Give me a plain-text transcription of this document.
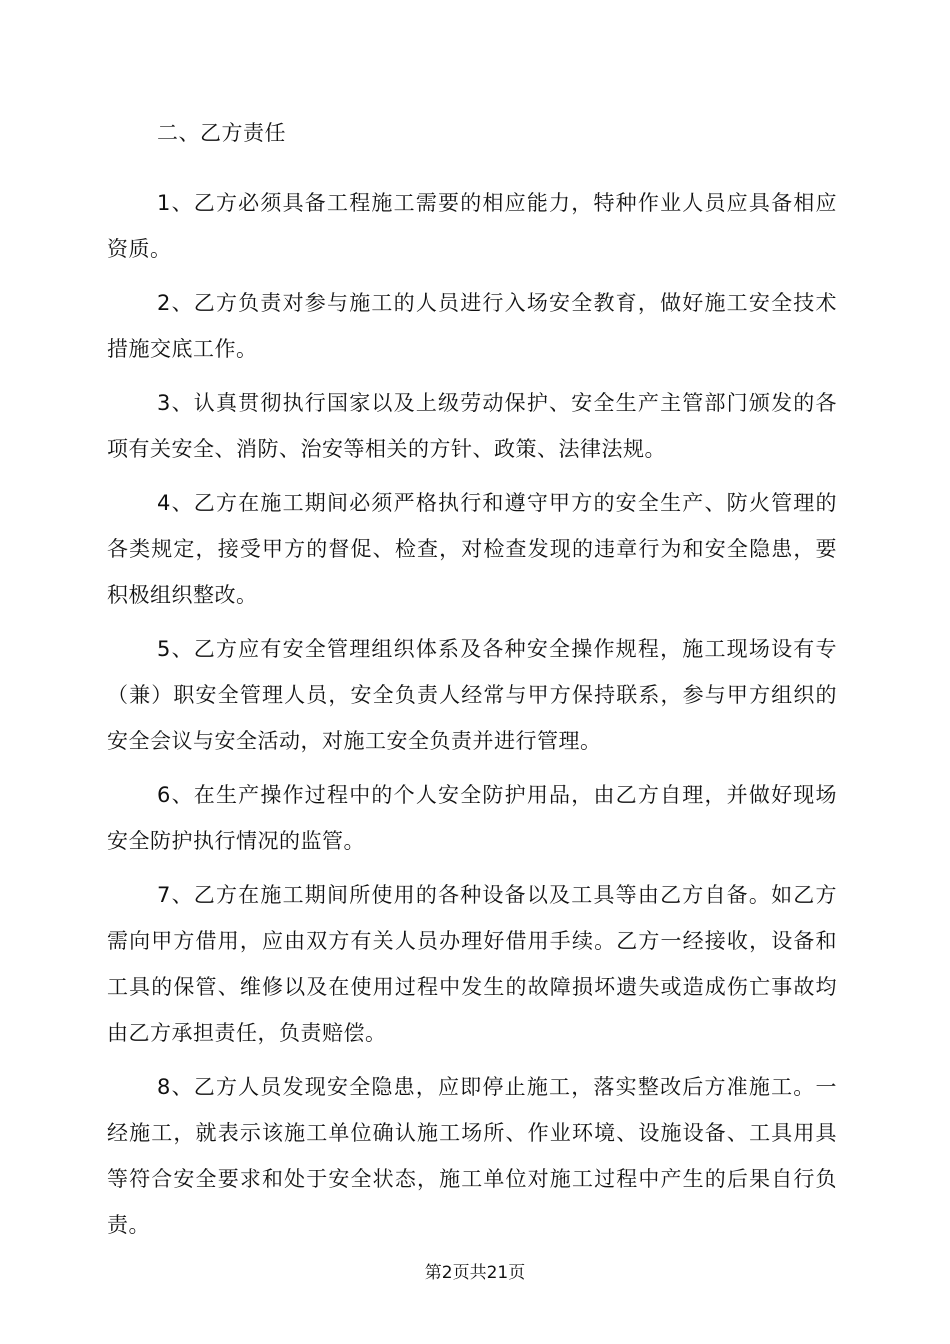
二、乙方责任

1、乙方必须具备工程施工需要的相应能力，特种作业人员应具备相应资质。

2、乙方负责对参与施工的人员进行入场安全教育，做好施工安全技术措施交底工作。

3、认真贯彻执行国家以及上级劳动保护、安全生产主管部门颁发的各项有关安全、消防、治安等相关的方针、政策、法律法规。

4、乙方在施工期间必须严格执行和遵守甲方的安全生产、防火管理的各类规定，接受甲方的督促、检查，对检查发现的违章行为和安全隐患，要积极组织整改。

5、乙方应有安全管理组织体系及各种安全操作规程，施工现场设有专（兼）职安全管理人员，安全负责人经常与甲方保持联系，参与甲方组织的安全会议与安全活动，对施工安全负责并进行管理。

6、在生产操作过程中的个人安全防护用品，由乙方自理，并做好现场安全防护执行情况的监管。

7、乙方在施工期间所使用的各种设备以及工具等由乙方自备。如乙方需向甲方借用，应由双方有关人员办理好借用手续。乙方一经接收，设备和工具的保管、维修以及在使用过程中发生的故障损坏遗失或造成伤亡事故均由乙方承担责任，负责赔偿。

8、乙方人员发现安全隐患，应即停止施工，落实整改后方准施工。一经施工，就表示该施工单位确认施工场所、作业环境、设施设备、工具用具等符合安全要求和处于安全状态，施工单位对施工过程中产生的后果自行负责。

第2页共21页
